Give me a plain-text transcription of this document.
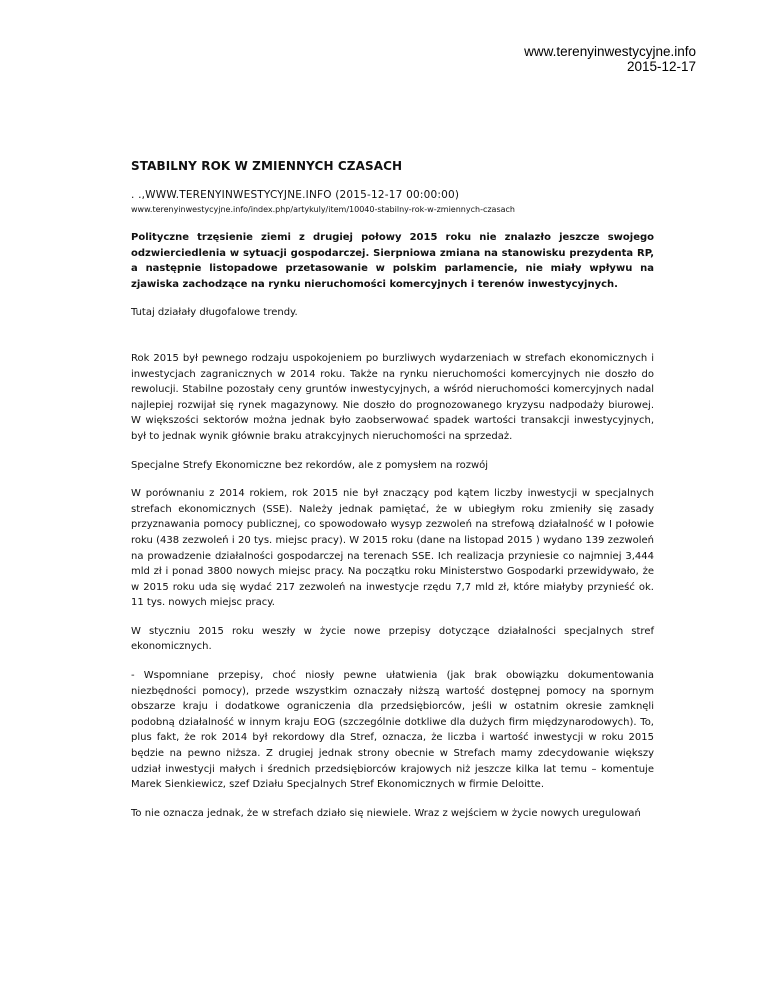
www.terenyinwestycyjne.info
2015-12-17
STABILNY ROK W ZMIENNYCH CZASACH
. .,WWW.TERENYINWESTYCYJNE.INFO (2015-12-17 00:00:00)
www.terenyinwestycyjne.info/index.php/artykuly/item/10040-stabilny-rok-w-zmiennych-czasach

Polityczne trzęsienie ziemi z drugiej połowy 2015 roku nie znalazło jeszcze swojego odzwierciedlenia w sytuacji gospodarczej. Sierpniowa zmiana na stanowisku prezydenta RP, a następnie listopadowe przetasowanie w polskim parlamencie, nie miały wpływu na zjawiska zachodzące na rynku nieruchomości komercyjnych i terenów inwestycyjnych.

Tutaj działały długofalowe trendy.

Rok 2015 był pewnego rodzaju uspokojeniem po burzliwych wydarzeniach w strefach ekonomicznych i inwestycjach zagranicznych w 2014 roku. Także na rynku nieruchomości komercyjnych nie doszło do rewolucji. Stabilne pozostały ceny gruntów inwestycyjnych, a wśród nieruchomości komercyjnych nadal najlepiej rozwijał się rynek magazynowy. Nie doszło do prognozowanego kryzysu nadpodaży biurowej. W większości sektorów można jednak było zaobserwować spadek wartości transakcji inwestycyjnych, był to jednak wynik głównie braku atrakcyjnych nieruchomości na sprzedaż.

Specjalne Strefy Ekonomiczne bez rekordów, ale z pomysłem na rozwój

W porównaniu z 2014 rokiem, rok 2015 nie był znaczący pod kątem liczby inwestycji w specjalnych strefach ekonomicznych (SSE). Należy jednak pamiętać, że w ubiegłym roku zmieniły się zasady przyznawania pomocy publicznej, co spowodowało wysyp zezwoleń na strefową działalność w I połowie roku (438 zezwoleń i 20 tys. miejsc pracy). W 2015 roku (dane na listopad 2015 ) wydano 139 zezwoleń na prowadzenie działalności gospodarczej na terenach SSE. Ich realizacja przyniesie co najmniej 3,444 mld zł i ponad 3800 nowych miejsc pracy. Na początku roku Ministerstwo Gospodarki przewidywało, że w 2015 roku uda się wydać 217 zezwoleń na inwestycje rzędu 7,7 mld zł, które miałyby przynieść ok. 11 tys. nowych miejsc pracy.

W styczniu 2015 roku weszły w życie nowe przepisy dotyczące działalności specjalnych stref ekonomicznych.

- Wspomniane przepisy, choć niosły pewne ułatwienia (jak brak obowiązku dokumentowania niezbędności pomocy), przede wszystkim oznaczały niższą wartość dostępnej pomocy na spornym obszarze kraju i dodatkowe ograniczenia dla przedsiębiorców, jeśli w ostatnim okresie zamknęli podobną działalność w innym kraju EOG (szczególnie dotkliwe dla dużych firm międzynarodowych). To, plus fakt, że rok 2014 był rekordowy dla Stref, oznacza, że liczba i wartość inwestycji w roku 2015 będzie na pewno niższa. Z drugiej jednak strony obecnie w Strefach mamy zdecydowanie większy udział inwestycji małych i średnich przedsiębiorców krajowych niż jeszcze kilka lat temu – komentuje Marek Sienkiewicz, szef Działu Specjalnych Stref Ekonomicznych w firmie Deloitte.

To nie oznacza jednak, że w strefach działo się niewiele. Wraz z wejściem w życie nowych uregulowań
